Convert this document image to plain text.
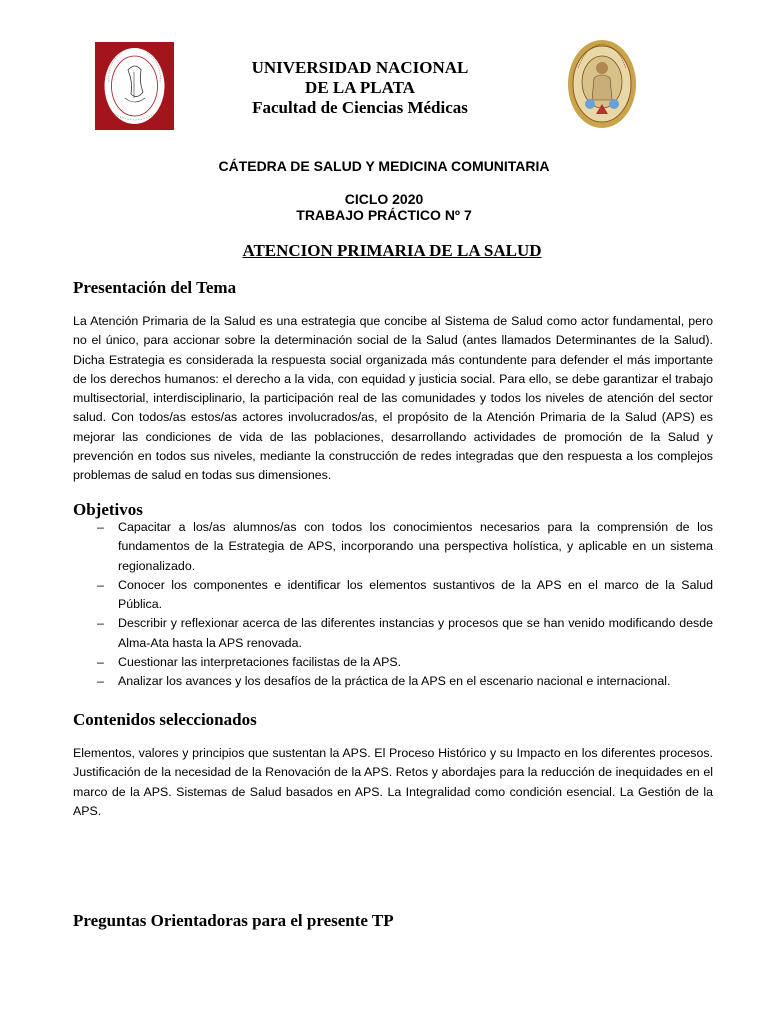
UNIVERSIDAD NACIONAL
DE LA PLATA
Facultad de Ciencias Médicas
CÁTEDRA DE SALUD Y MEDICINA COMUNITARIA
CICLO 2020
TRABAJO PRÁCTICO Nº 7
ATENCION PRIMARIA DE LA SALUD
Presentación del Tema
La Atención Primaria de la Salud es una estrategia que concibe al Sistema de Salud como actor fundamental, pero no el único, para accionar sobre la determinación social de la Salud (antes llamados Determinantes de la Salud). Dicha Estrategia es considerada la respuesta social organizada más contundente para defender el más importante de los derechos humanos: el derecho a la vida, con equidad y justicia social. Para ello, se debe garantizar el trabajo multisectorial, interdisciplinario, la participación real de las comunidades y todos los niveles de atención del sector salud. Con todos/as estos/as actores involucrados/as, el propósito de la Atención Primaria de la Salud (APS) es mejorar las condiciones de vida de las poblaciones, desarrollando actividades de promoción de la Salud y prevención en todos sus niveles, mediante la construcción de redes integradas que den respuesta a los complejos problemas de salud en todas sus dimensiones.
Objetivos
– Capacitar a los/as alumnos/as con todos los conocimientos necesarios para la comprensión de los fundamentos de la Estrategia de APS, incorporando una perspectiva holística, y aplicable en un sistema regionalizado.
– Conocer los componentes e identificar los elementos sustantivos de la APS en el marco de la Salud Pública.
– Describir y reflexionar acerca de las diferentes instancias y procesos que se han venido modificando desde Alma-Ata hasta la APS renovada.
– Cuestionar las interpretaciones facilistas de la APS.
– Analizar los avances y los desafíos de la práctica de la APS en el escenario nacional e internacional.
Contenidos seleccionados
Elementos, valores y principios que sustentan la APS. El Proceso Histórico y su Impacto en los diferentes procesos. Justificación de la necesidad de la Renovación de la APS. Retos y abordajes para la reducción de inequidades en el marco de la APS. Sistemas de Salud basados en APS. La Integralidad como condición esencial. La Gestión de la APS.
Preguntas Orientadoras para el presente TP
